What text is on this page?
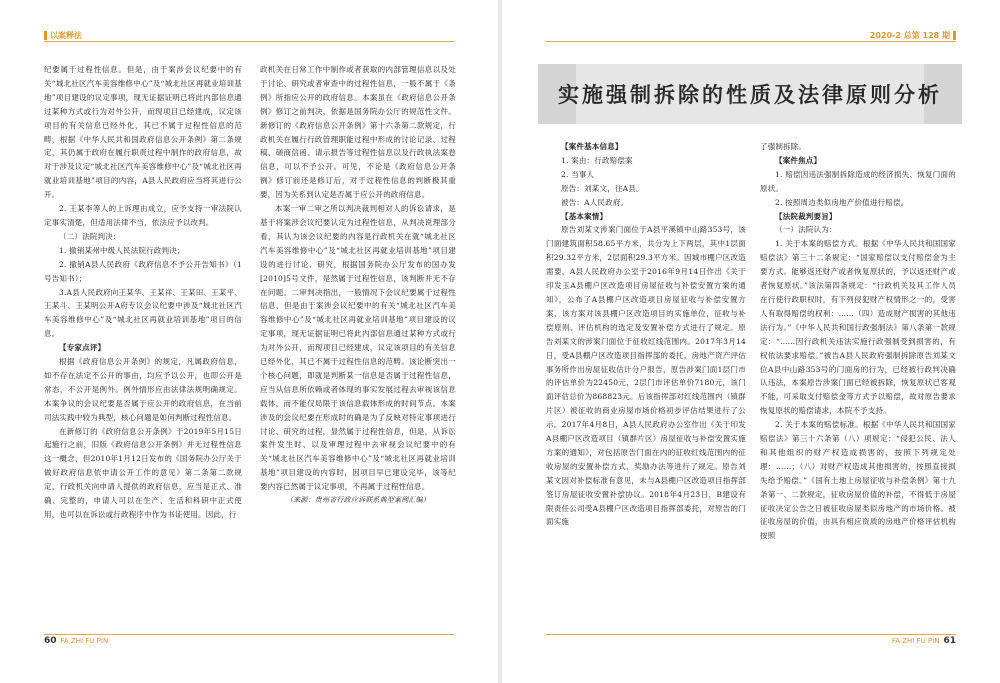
以案释法

纪要属于过程性信息。但是，由于案涉会议纪要中的有关“城北社区汽车美容维修中心”及“城北社区再就业培训基地”项目建设的议定事项，现无证据证明已将此内部信息通过某种方式或行为对外公开，而现项目已经建成，议定该项目的有关信息已经外化，其已不属于过程性信息的范畴，根据《中华人民共和国政府信息公开条例》第二条规定，其仍属于政府在履行职责过程中制作的政府信息，故对于涉及议定“城北社区汽车美容维修中心”及“城北社区再就业培训基地”项目的内容，A县人民政府应当将其进行公开。

2. 王某李等人的上诉理由成立，应予支持一审法院认定事实清楚，但适用法律不当，依法应予以改判。

（二）法院判决：

1. 撤销某州中级人民法院行政判决；

2. 撤销A县人民政府《政府信息不予公开告知书》（1号告知书）；

3.A县人民政府向王某华、王某祥、王某田、王某平、王某斗、王某明公开A府专议会议纪要中涉及“城北社区汽车美容维修中心”及“城北社区再就业培训基地”项目的信息。

【专家点评】

根据《政府信息公开条例》的规定，凡属政府信息，如不存在法定不公开的事由，均应予以公开，也即公开是常态，不公开是例外。例外情形应由法律法规明确规定。本案争议的会议纪要是否属于应公开的政府信息，在当前司法实践中较为典型，核心问题是如何判断过程性信息。

在新修订的《政府信息公开条例》于2019年5月15日起施行之前，旧版《政府信息公开条例》并无过程性信息这一概念，但2010年1月12日发布的《国务院办公厅关于做好政府信息依申请公开工作的意见》第二条第二款规定，行政机关向申请人提供的政府信息，应当是正式、准确、完整的，申请人可以在生产、生活和科研中正式使用，也可以在诉讼或行政程序中作为书证使用。因此，行

政机关在日常工作中制作或者获取的内部管理信息以及处于讨论、研究或者审查中的过程性信息，一般不属于《条例》所指应公开的政府信息。本案虽在《政府信息公开条例》修订之前判决，依据是国务院办公厅的规范性文件。新修订的《政府信息公开条例》第十六条第二款规定，行政机关在履行行政管理职能过程中形成的讨论记录、过程稿、磋商信函、请示报告等过程性信息以及行政执法案卷信息，可以不予公开。可见，不论是《政府信息公开条例》修订前还是修订后，对于过程性信息的判断极其重要，因为关系到认定是否属于应公开的政府信息。

本案一审二审之所以判决裁判相对人的诉讼请求，是基于将案涉会议纪要认定为过程性信息，从判决说理部分看，其认为该会议纪要的内容是行政机关在就“城北社区汽车美容维修中心”及“城北社区再就业培训基地”项目建设的进行讨论、研究，根据国务院办公厅发布的国办发[2010]5号文件，是然属于过程性信息，该判断并无不存在问题。二审判决指出，一般情况下会议纪要属于过程性信息，但是由于案涉会议纪要中的有关“城北社区汽车美容维修中心”及“城北社区再就业培训基地”项目建设的议定事项，现无证据证明已将此内部信息通过某种方式或行为对外公开，而现项目已经建成，议定该项目的有关信息已经外化，其已不属于过程性信息的范畴。该论断突出一个核心问题，即就是判断某一信息是否属于过程性信息，应当从信息所依赖或者体现的事实发展过程去审视该信息载体，而不能仅局限于该信息载体形成的时间节点。本案涉及的会议纪要在形成时的确是为了反映对特定事项进行讨论、研究的过程，显然属于过程性信息，但是，从诉讼案件发生时、以及审理过程中去审视会议纪要中的有关“城北社区汽车美容维修中心”及“城北社区再就业培训基地”项目建设的内容时，因项目早已建设完毕，该等纪要内容已然属于议定事项，不再属于过程性信息。

（来源：贵州省行政应诉联系典型案例汇编）

60 FA ZHI FU PIN
2020-2 总第 128 期
实施强制拆除的性质及法律原则分析

【案件基本信息】

1. 案由：行政赔偿案

2. 当事人

原告：刘某文，住A县。

被告：A人民政府。

【基本案情】

原告刘某文涉案门面位于A县平溪镇中山路353号，该门面建筑面积58.65平方米，共分为上下两层，其中1层面积29.32平方米，2层面积29.3平方米。因城市棚户区改造需要，A县人民政府办公室于2016年9月14日作出《关于印发玉A县棚户区改造项目房屋征收与补偿安置方案的通知》，公布了A县棚户区改造项目房屋征收与补偿安置方案，该方案对该县棚户区改造项目的实施单位，征收与补偿原则、评估机构的选定及安置补偿方式进行了规定。原告刘某文的涉案门面位于征收红线范围内。2017年3月14日，受A县棚户区改造项目指挥部的委托，房地产资产评估事务所作出房屋征收估计分户报告，原告涉案门面1层门市的评估单价为22450元，2层门市评估单价7180元，该门面评估总价为868823元。后该指挥部对红线范围内（镇群片区）被征收的商业房屋市场价格初步评估结果进行了公示。2017年4月8日，A县人民政府办公室作出《关于印发A县棚户区改造项目（镇群片区）房屋征收与补偿安置实施方案的通知》，对包括原告门面在内的征收红线范围内的征收房屋的安置补偿方式、奖励办法等进行了规定。原告刘某文因对补偿标准有意见，未与A县棚户区改造项目指挥部签订房屋征收安置补偿协议。2018年4月23日，B建设有限责任公司受A县棚户区改造项目指挥部委托，对原告的门面实施

了强制拆除。

【案件焦点】

1. 赔偿因违法强制拆除造成的经济损失、恢复门面的原状。

2. 按照周边类似房地产价值进行赔偿。

【法院裁判要旨】

（一）法院认为：

1. 关于本案的赔偿方式。根据《中华人民共和国国家赔偿法》第三十二条规定：“国家赔偿以支付赔偿金为主要方式。能够返还财产或者恢复原状的，予以返还财产或者恢复原状。”该法第四条规定：“行政机关及其工作人员在行使行政职权时，有下列侵犯财产权情形之一的，受害人有取得赔偿的权利：……（四）造成财产损害的其他违法行为。”《中华人民共和国行政强制法》第八条第一款规定：“……因行政机关违法实施行政强制受到损害的，有权依法要求赔偿。”被告A县人民政府强制拆除原告刘某文位A县中山路353号的门面房的行为，已经被行政判决确认违法，本案原告涉案门面已经被拆除，恢复原状已客观不能，可采取支付赔偿金等方式予以赔偿，故对原告要求恢复原状的赔偿请求，本院不予支持。

2. 关于本案的赔偿标准。根据《中华人民共和国国家赔偿法》第三十六条第（八）项规定：“侵犯公民、法人和其他组织的财产权造成损害的，按照下列规定处理：……；（八）对财产权造成其他损害的，按照直接损失给予赔偿。”《国有土地上房屋征收与补偿条例》第十九条第一、二款规定，征收房屋价值的补偿，不得低于房屋征收决定公告之日被征收房屋类似房地产的市场价格。被征收房屋的价值，由具有相应资质的房地产价格评估机构按照

FA ZHI FU PIN 61
